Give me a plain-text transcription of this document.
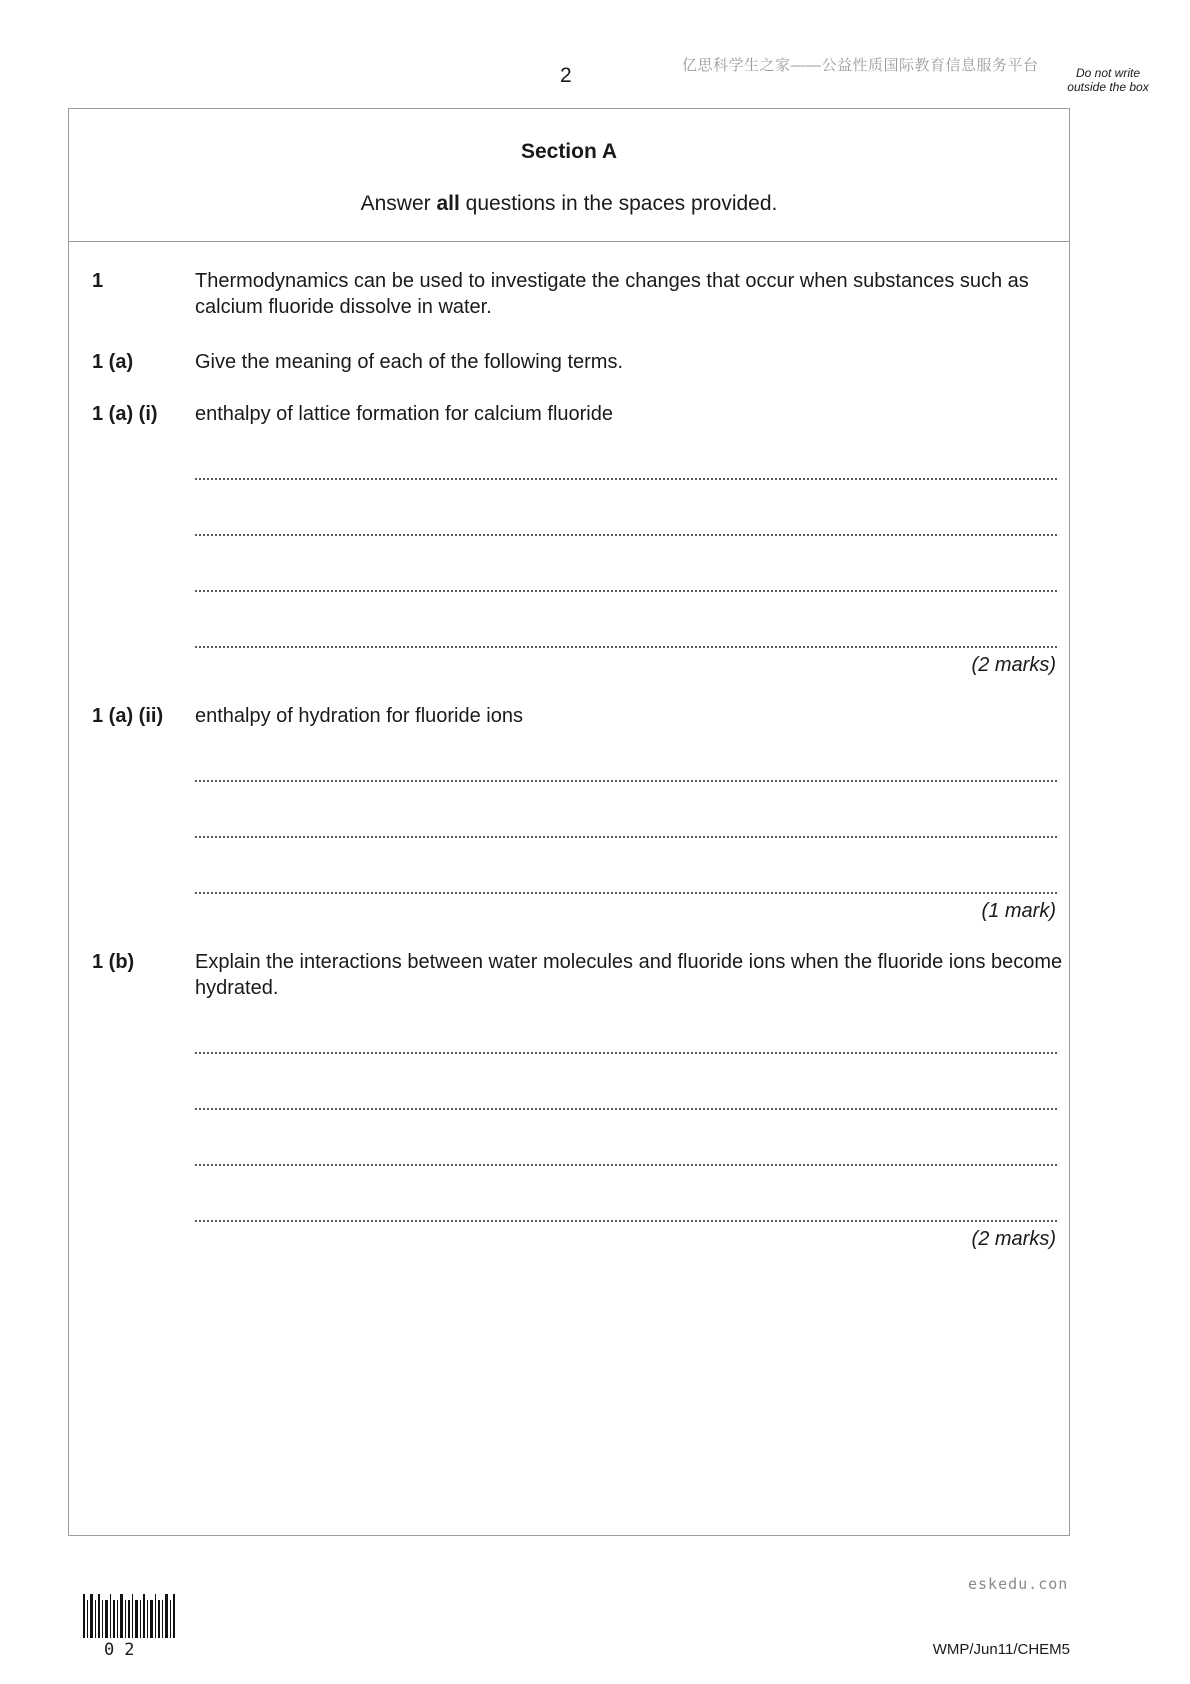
2	亿思科学生之家——公益性质国际教育信息服务平台	Do not write outside the box
Section A
Answer all questions in the spaces provided.
1	Thermodynamics can be used to investigate the changes that occur when substances such as calcium fluoride dissolve in water.
1 (a)	Give the meaning of each of the following terms.
1 (a) (i) enthalpy of lattice formation for calcium fluoride
(2 marks)
1 (a) (ii) enthalpy of hydration for fluoride ions
(1 mark)
1 (b)	Explain the interactions between water molecules and fluoride ions when the fluoride ions become hydrated.
(2 marks)
eskedu.con
02	WMP/Jun11/CHEM5
